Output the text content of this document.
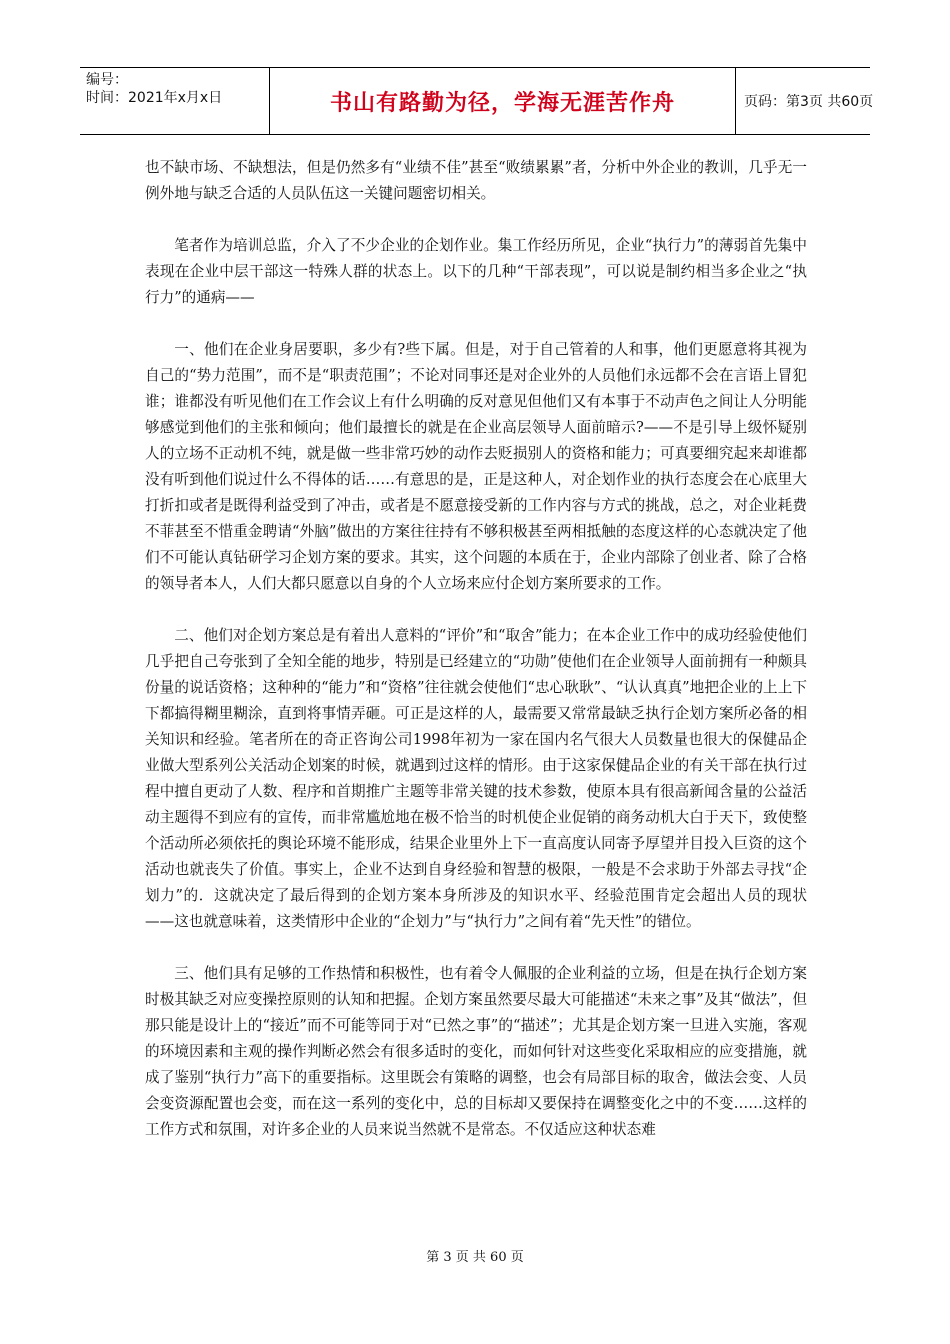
编号：
时间：2021年x月x日	书山有路勤为径，学海无涯苦作舟	页码：第3页 共60页

也不缺市场、不缺想法，但是仍然多有“业绩不佳”甚至“败绩累累”者，分析中外企业的教训，几乎无一例外地与缺乏合适的人员队伍这一关键问题密切相关。

笔者作为培训总监，介入了不少企业的企划作业。集工作经历所见，企业“执行力”的薄弱首先集中表现在企业中层干部这一特殊人群的状态上。以下的几种“干部表现”，可以说是制约相当多企业之“执行力”的通病——

一、他们在企业身居要职，多少有?些下属。但是，对于自己管着的人和事，他们更愿意将其视为自己的“势力范围”，而不是“职责范围”；不论对同事还是对企业外的人员他们永远都不会在言语上冒犯谁；谁都没有听见他们在工作会议上有什么明确的反对意见但他们又有本事于不动声色之间让人分明能够感觉到他们的主张和倾向；他们最擅长的就是在企业高层领导人面前暗示?——不是引导上级怀疑别人的立场不正动机不纯，就是做一些非常巧妙的动作去贬损别人的资格和能力；可真要细究起来却谁都没有听到他们说过什么不得体的话……有意思的是，正是这种人，对企划作业的执行态度会在心底里大打折扣或者是既得利益受到了冲击，或者是不愿意接受新的工作内容与方式的挑战，总之，对企业耗费不菲甚至不惜重金聘请“外脑”做出的方案往往持有不够积极甚至两相抵触的态度这样的心态就决定了他们不可能认真钻研学习企划方案的要求。其实，这个问题的本质在于，企业内部除了创业者、除了合格的领导者本人，人们大都只愿意以自身的个人立场来应付企划方案所要求的工作。

二、他们对企划方案总是有着出人意料的“评价”和“取舍”能力；在本企业工作中的成功经验使他们几乎把自己夸张到了全知全能的地步，特别是已经建立的“功勋”使他们在企业领导人面前拥有一种颇具份量的说话资格；这种种的“能力”和“资格”往往就会使他们“忠心耿耿”、“认认真真”地把企业的上上下下都搞得糊里糊涂，直到将事情弄砸。可正是这样的人，最需要又常常最缺乏执行企划方案所必备的相关知识和经验。笔者所在的奇正咨询公司1998年初为一家在国内名气很大人员数量也很大的保健品企业做大型系列公关活动企划案的时候，就遇到过这样的情形。由于这家保健品企业的有关干部在执行过程中擅自更动了人数、程序和首期推广主题等非常关键的技术参数，使原本具有很高新闻含量的公益活动主题得不到应有的宣传，而非常尴尬地在极不恰当的时机使企业促销的商务动机大白于天下，致使整个活动所必须依托的舆论环境不能形成，结果企业里外上下一直高度认同寄予厚望并目投入巨资的这个活动也就丧失了价值。事实上，企业不达到自身经验和智慧的极限，一般是不会求助于外部去寻找“企划力”的．这就决定了最后得到的企划方案本身所涉及的知识水平、经验范围肯定会超出人员的现状——这也就意味着，这类情形中企业的“企划力”与“执行力”之间有着“先天性”的错位。

三、他们具有足够的工作热情和积极性，也有着令人佩服的企业利益的立场，但是在执行企划方案时极其缺乏对应变操控原则的认知和把握。企划方案虽然要尽最大可能描述“未来之事”及其“做法”，但那只能是设计上的“接近”而不可能等同于对“已然之事”的“描述”；尤其是企划方案一旦进入实施，客观的环境因素和主观的操作判断必然会有很多适时的变化，而如何针对这些变化采取相应的应变措施，就成了鉴别“执行力”高下的重要指标。这里既会有策略的调整，也会有局部目标的取舍，做法会变、人员会变资源配置也会变，而在这一系列的变化中，总的目标却又要保持在调整变化之中的不变……这样的工作方式和氛围，对许多企业的人员来说当然就不是常态。不仅适应这种状态难

第 3 页 共 60 页
